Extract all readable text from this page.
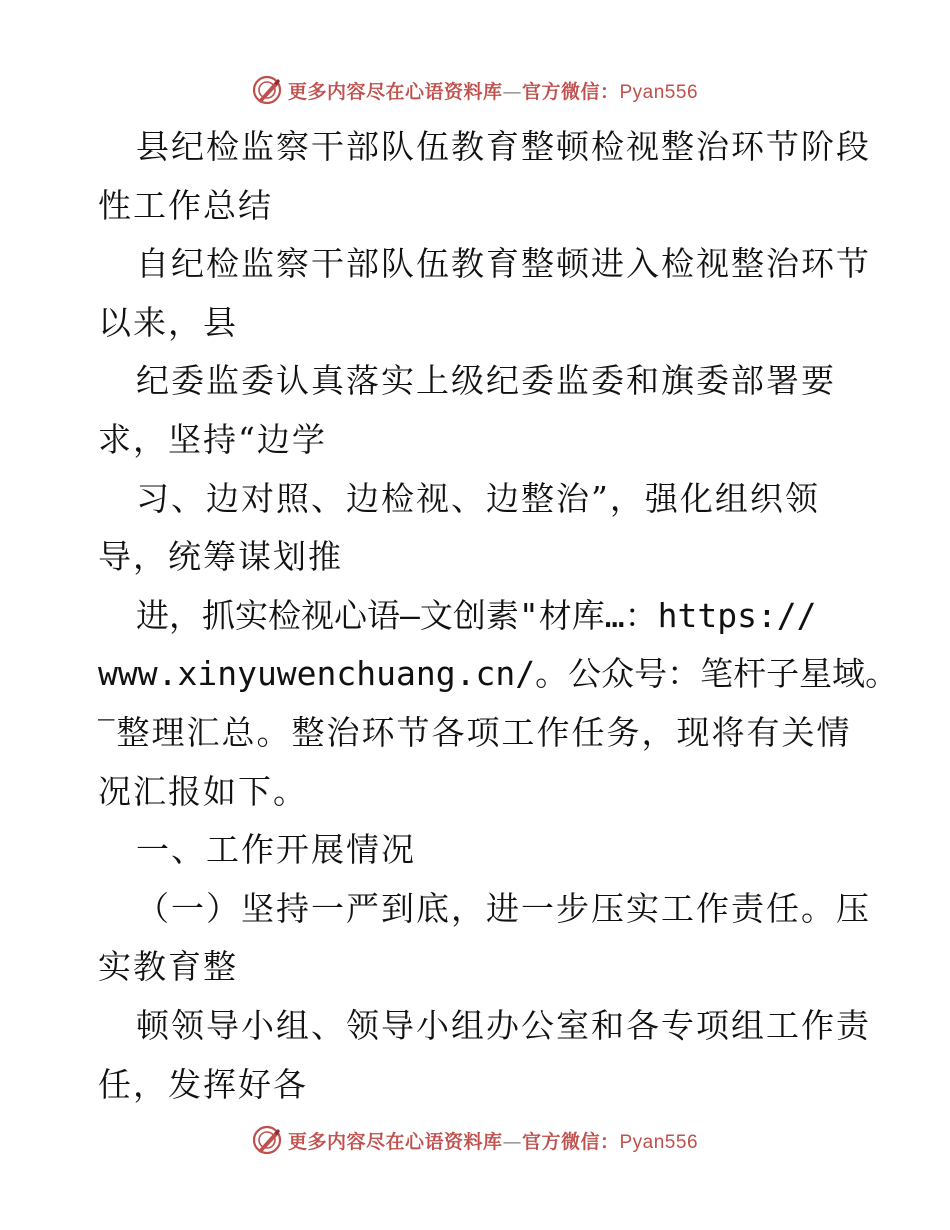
更多内容尽在心语资料库—官方微信：Pyan556
县纪检监察干部队伍教育整顿检视整治环节阶段
性工作总结
自纪检监察干部队伍教育整顿进入检视整治环节
以来，县
纪委监委认真落实上级纪委监委和旗委部署要
求，坚持“边学
习、边对照、边检视、边整治”，强化组织领
导，统筹谋划推
进，抓实检视心语—文创素"材库…：https://
www.xinyuwenchuang.cn/。公众号：笔杆子星域。
‾整理汇总。整治环节各项工作任务，现将有关情
况汇报如下。
一、工作开展情况
（一）坚持一严到底，进一步压实工作责任。压
实教育整
顿领导小组、领导小组办公室和各专项组工作责
任，发挥好各
更多内容尽在心语资料库—官方微信：Pyan556
